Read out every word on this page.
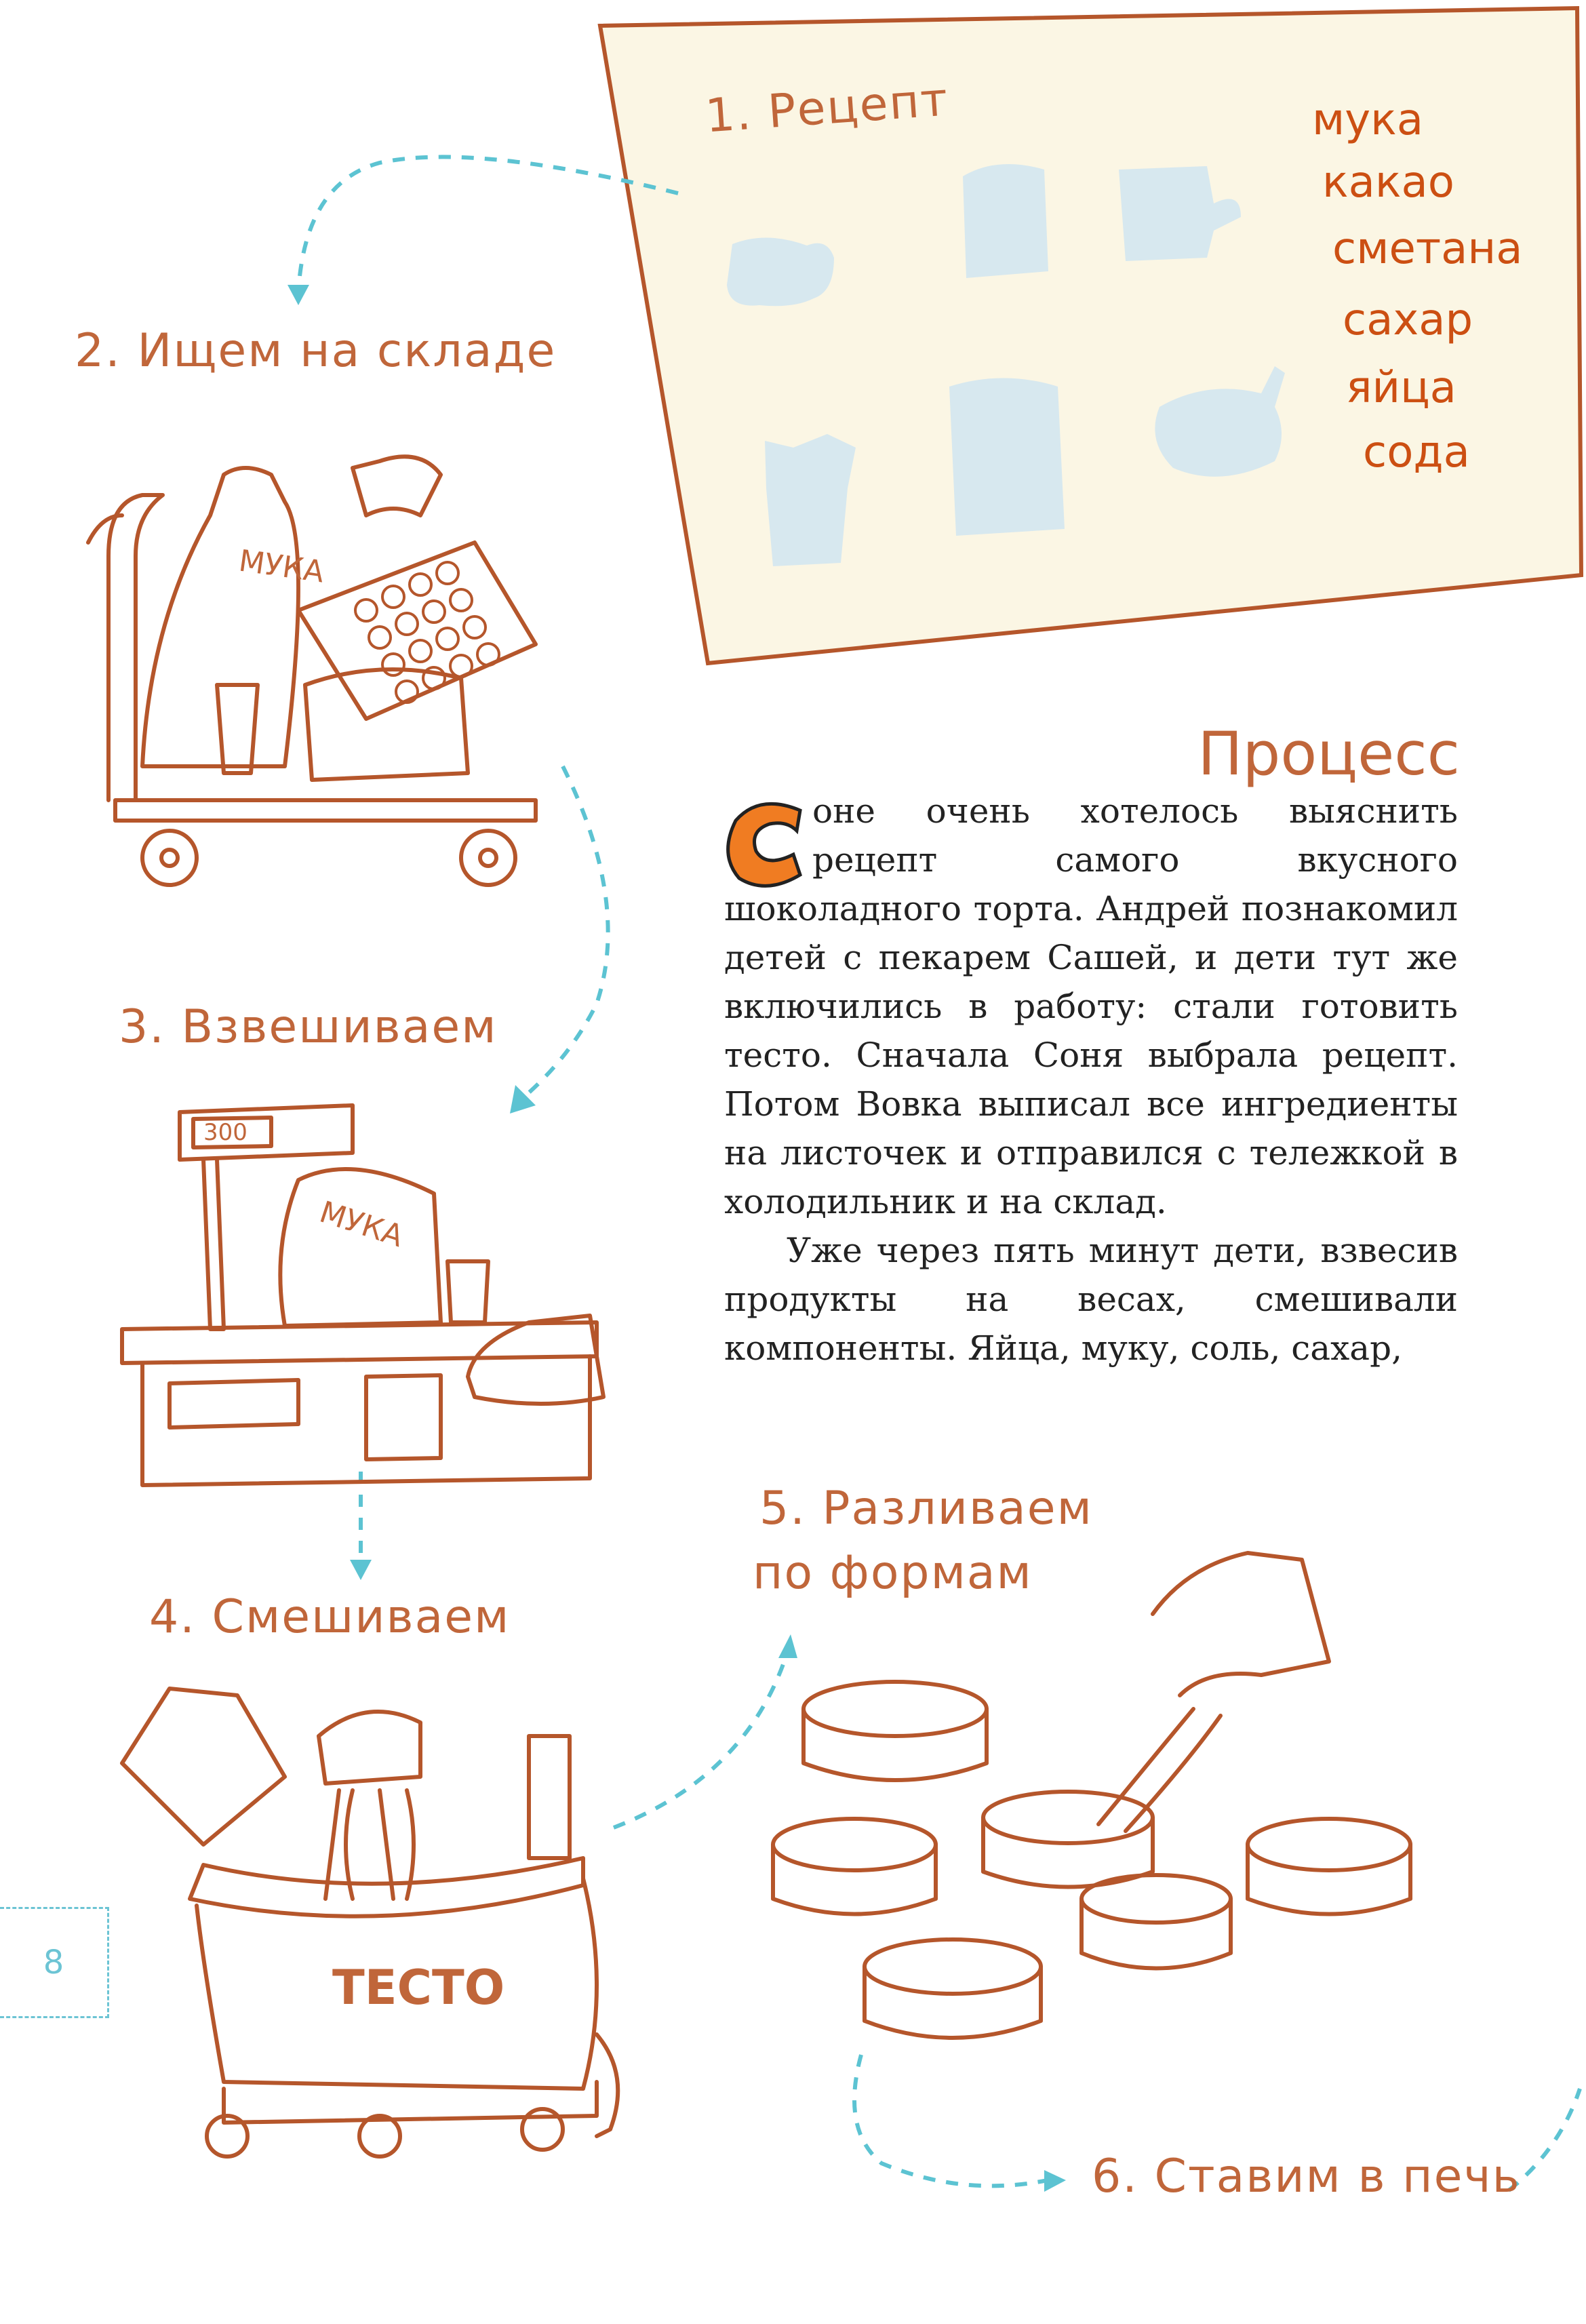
1. Рецепт	мука
какао
сметана
сахар
яйца
сода
2. Ищем на складе
3. Взвешиваем
4. Смешиваем
5. Разливаем
по формам
6. Ставим в печь
МУКА
300
МУКА
ТЕСТО
Процесс

оне очень хотелось выяснить рецепт самого вкусного шоколадного торта. Андрей познакомил детей с пекарем Сашей, и дети тут же включились в работу: стали готовить тесто. Сначала Соня выбрала рецепт. Потом Вовка выписал все ингредиенты на листочек и отправился с тележкой в холодильник и на склад.

Уже через пять минут дети, взвесив продукты на весах, смешивали компоненты. Яйца, муку, соль, сахар,

8
